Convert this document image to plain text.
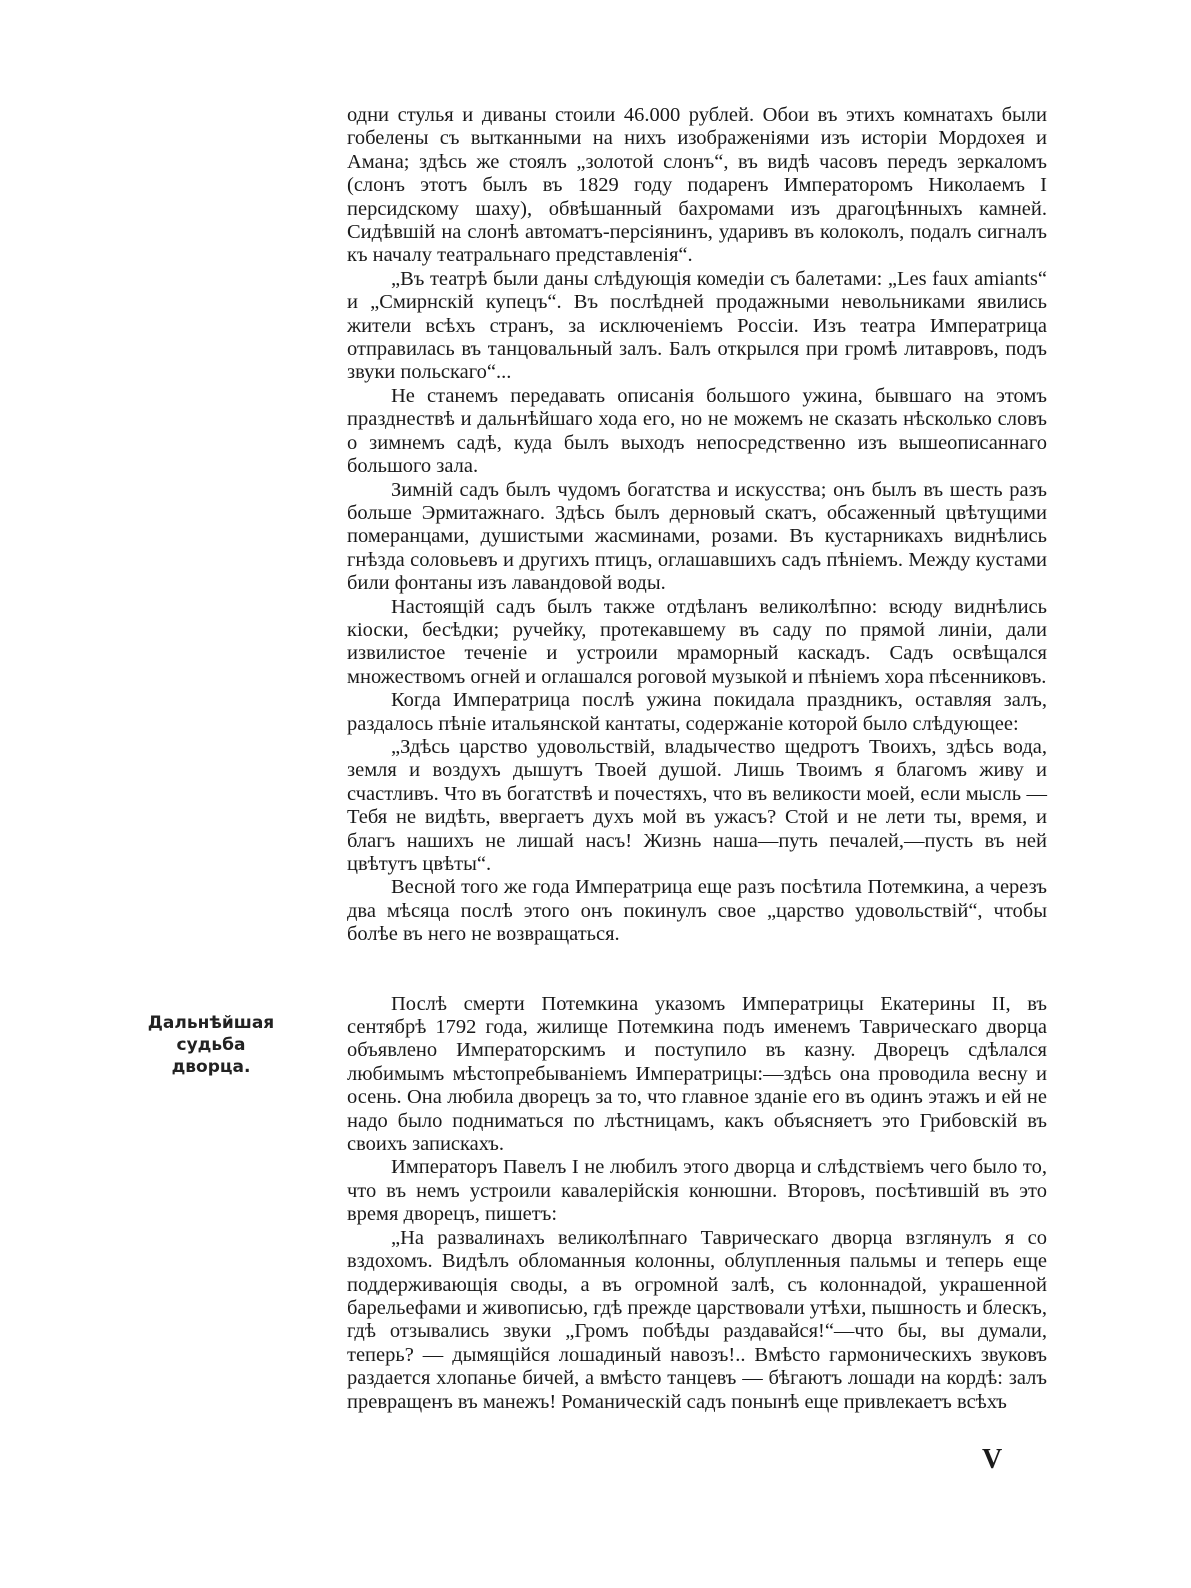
одни стулья и диваны стоили 46.000 рублей. Обои въ этихъ комнатахъ были гобелены съ вытканными на нихъ изображеніями изъ исторіи Мордохея и Амана; здѣсь же стоялъ „золотой слонъ“, въ видѣ часовъ передъ зеркаломъ (слонъ этотъ былъ въ 1829 году подаренъ Императоромъ Николаемъ I персидскому шаху), обвѣшанный бахромами изъ драгоцѣнныхъ камней. Сидѣвшій на слонѣ автоматъ-персіянинъ, ударивъ въ колоколъ, подалъ сигналъ къ началу театральнаго представленія“.

„Въ театрѣ были даны слѣдующія комедіи съ балетами: „Les faux amiants“ и „Смирнскій купецъ“. Въ послѣдней продажными невольниками явились жители всѣхъ странъ, за исключеніемъ Россіи. Изъ театра Императрица отправилась въ танцовальный залъ. Балъ открылся при громѣ литавровъ, подъ звуки польскаго“...

Не станемъ передавать описанія большого ужина, бывшаго на этомъ празднествѣ и дальнѣйшаго хода его, но не можемъ не сказать нѣсколько словъ о зимнемъ садѣ, куда былъ выходъ непосредственно изъ вышеописаннаго большого зала.

Зимній садъ былъ чудомъ богатства и искусства; онъ былъ въ шесть разъ больше Эрмитажнаго. Здѣсь былъ дерновый скатъ, обсаженный цвѣтущими померанцами, душистыми жасминами, розами. Въ кустарникахъ виднѣлись гнѣзда соловьевъ и другихъ птицъ, оглашавшихъ садъ пѣніемъ. Между кустами били фонтаны изъ лавандовой воды.

Настоящій садъ былъ также отдѣланъ великолѣпно: всюду виднѣлись кіоски, бесѣдки; ручейку, протекавшему въ саду по прямой линіи, дали извилистое теченіе и устроили мраморный каскадъ. Садъ освѣщался множествомъ огней и оглашался роговой музыкой и пѣніемъ хора пѣсенниковъ.

Когда Императрица послѣ ужина покидала праздникъ, оставляя залъ, раздалось пѣніе итальянской кантаты, содержаніе которой было слѣдующее:

„Здѣсь царство удовольствій, владычество щедротъ Твоихъ, здѣсь вода, земля и воздухъ дышутъ Твоей душой. Лишь Твоимъ я благомъ живу и счастливъ. Что въ богатствѣ и почестяхъ, что въ великости моей, если мысль — Тебя не видѣть, ввергаетъ духъ мой въ ужасъ? Стой и не лети ты, время, и благъ нашихъ не лишай насъ! Жизнь наша—путь печалей,—пусть въ ней цвѣтутъ цвѣты“.

Весной того же года Императрица еще разъ посѣтила Потемкина, а черезъ два мѣсяца послѣ этого онъ покинулъ свое „царство удовольствій“, чтобы болѣе въ него не возвращаться.

Послѣ смерти Потемкина указомъ Императрицы Екатерины II, въ сентябрѣ 1792 года, жилище Потемкина подъ именемъ Таврическаго дворца объявлено Императорскимъ и поступило въ казну. Дворецъ сдѣлался любимымъ мѣстопребываніемъ Императрицы:—здѣсь она проводила весну и осень. Она любила дворецъ за то, что главное зданіе его въ одинъ этажъ и ей не надо было подниматься по лѣстницамъ, какъ объясняетъ это Грибовскій въ своихъ запискахъ.

Императоръ Павелъ I не любилъ этого дворца и слѣдствіемъ чего было то, что въ немъ устроили кавалерійскія конюшни. Второвъ, посѣтившій въ это время дворецъ, пишетъ:

„На развалинахъ великолѣпнаго Таврическаго дворца взглянулъ я со вздохомъ. Видѣлъ обломанныя колонны, облупленныя пальмы и теперь еще поддерживающія своды, а въ огромной залѣ, съ колоннадой, украшенной барельефами и живописью, гдѣ прежде царствовали утѣхи, пышность и блескъ, гдѣ отзывались звуки „Громъ побѣды раздавайся!“—что бы, вы думали, теперь? — дымящійся лошадиный навозъ!.. Вмѣсто гармоническихъ звуковъ раздается хлопанье бичей, а вмѣсто танцевъ — бѣгаютъ лошади на кордѣ: залъ превращенъ въ манежъ! Романическій садъ понынѣ еще привлекаетъ всѣхъ

Дальнѣйшая судьба
дворца.
V
